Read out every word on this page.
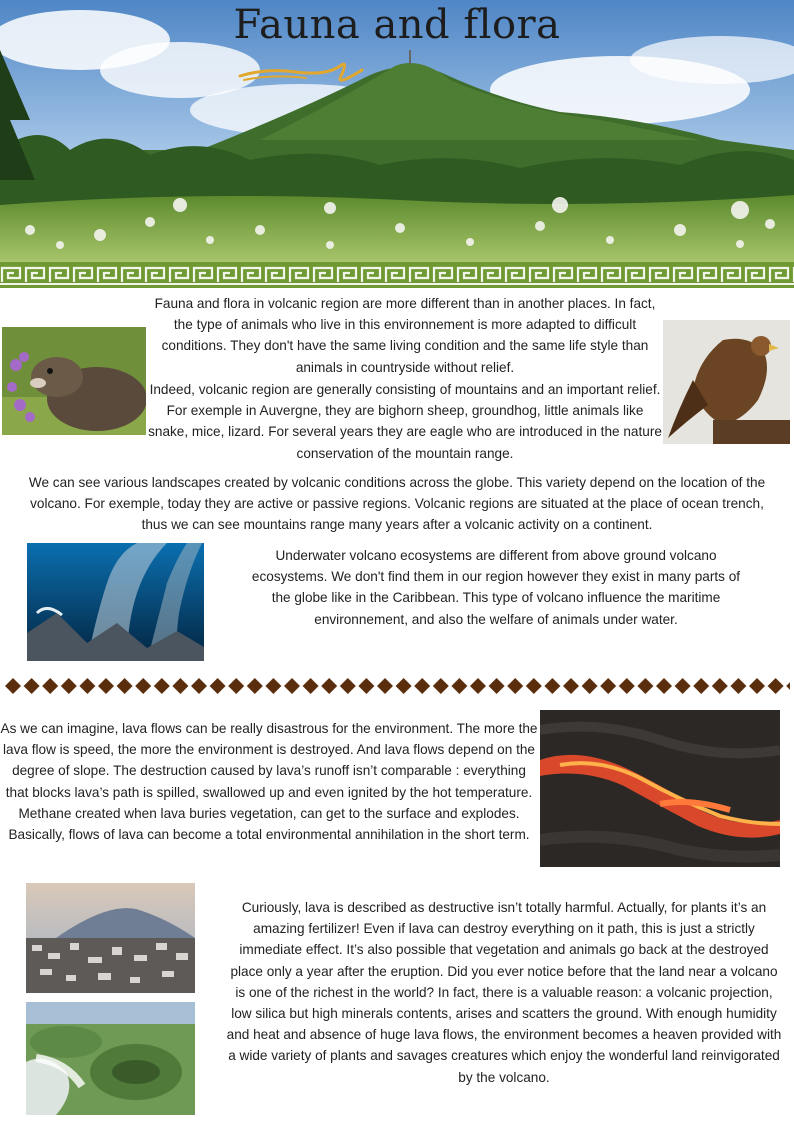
Fauna and flora
Fauna and flora in volcanic region are more different than in another places. In fact, the type of animals who live in this environnement is more adapted to difficult conditions. They don't have the same living condition and the same life style than animals in countryside without relief.
Indeed, volcanic region are generally consisting of mountains and an important relief. For exemple in Auvergne, they are bighorn sheep, groundhog, little animals like snake, mice, lizard. For several years they are eagle who are introduced in the nature conservation of the mountain range.
We can see various landscapes created by volcanic conditions across the globe. This variety depend on the location of the volcano. For exemple, today they are active or passive regions. Volcanic regions are situated at the place of ocean trench, thus we can see mountains range many years after a volcanic activity on a continent.
Underwater volcano ecosystems are different from above ground volcano ecosystems. We don't find them in our region however they exist in many parts of the globe like in the Caribbean. This type of volcano influence the maritime environnement, and also the welfare of animals under water.
As we can imagine, lava flows can be really disastrous for the environment. The more the lava flow is speed, the more the environment is destroyed. And lava flows depend on the degree of slope. The destruction caused by lava’s runoff isn’t comparable : everything that blocks lava’s path is spilled, swallowed up and even ignited by the hot temperature. Methane created when lava buries vegetation, can get to the surface and explodes. Basically, flows of lava can become a total environmental annihilation in the short term.
Curiously, lava is described as destructive isn’t totally harmful. Actually, for plants it’s an amazing fertilizer! Even if lava can destroy everything on it path, this is just a strictly immediate effect. It’s also possible that vegetation and animals go back at the destroyed place only a year after the eruption. Did you ever notice before that the land near a volcano is one of the richest in the world? In fact, there is a valuable reason: a volcanic projection, low silica but high minerals contents, arises and scatters the ground. With enough humidity and heat and absence of huge lava flows, the environment becomes a heaven provided with a wide variety of plants and savages creatures which enjoy the wonderful land reinvigorated by the volcano.
